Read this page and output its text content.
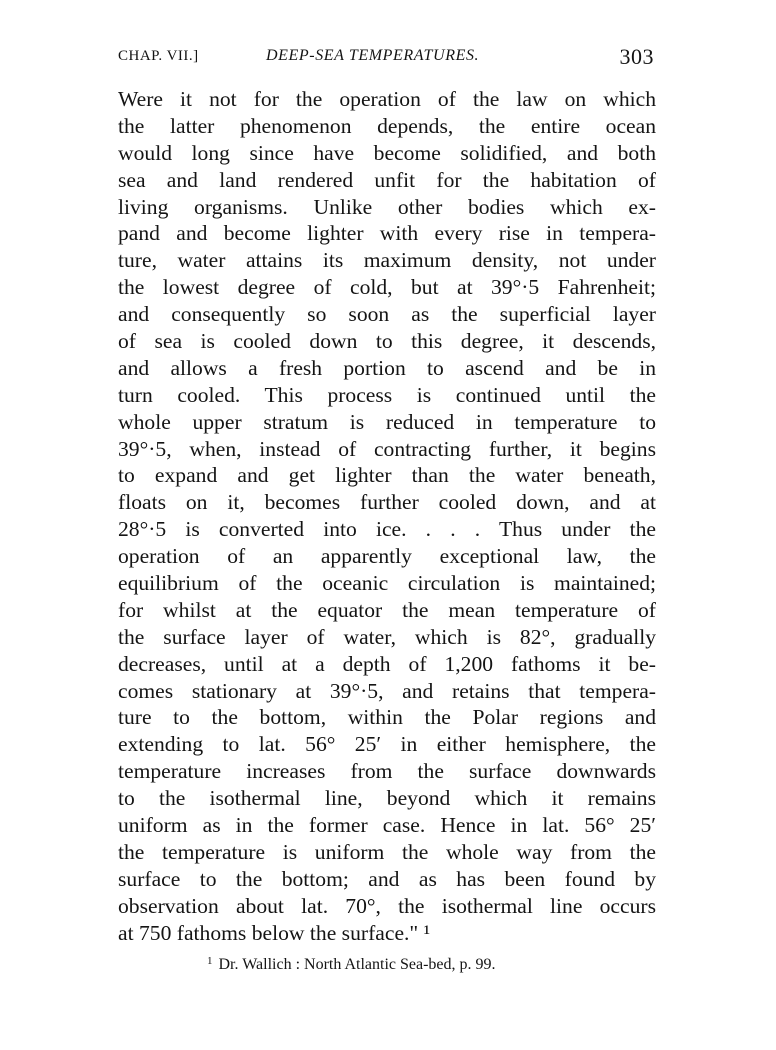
CHAP. VII.]	DEEP-SEA TEMPERATURES.	303
Were it not for the operation of the law on which
the latter phenomenon depends, the entire ocean
would long since have become solidified, and both
sea and land rendered unfit for the habitation of
living organisms. Unlike other bodies which ex-
pand and become lighter with every rise in tempera-
ture, water attains its maximum density, not under
the lowest degree of cold, but at 39°·5 Fahrenheit;
and consequently so soon as the superficial layer
of sea is cooled down to this degree, it descends,
and allows a fresh portion to ascend and be in
turn cooled. This process is continued until the
whole upper stratum is reduced in temperature to
39°·5, when, instead of contracting further, it begins
to expand and get lighter than the water beneath,
floats on it, becomes further cooled down, and at
28°·5 is converted into ice. . . . Thus under the
operation of an apparently exceptional law, the
equilibrium of the oceanic circulation is maintained;
for whilst at the equator the mean temperature of
the surface layer of water, which is 82°, gradually
decreases, until at a depth of 1,200 fathoms it be-
comes stationary at 39°·5, and retains that tempera-
ture to the bottom, within the Polar regions and
extending to lat. 56° 25′ in either hemisphere, the
temperature increases from the surface downwards
to the isothermal line, beyond which it remains
uniform as in the former case. Hence in lat. 56° 25′
the temperature is uniform the whole way from the
surface to the bottom; and as has been found by
observation about lat. 70°, the isothermal line occurs
at 750 fathoms below the surface." ¹
$^1$ Dr. Wallich : North Atlantic Sea-bed, p. 99.
